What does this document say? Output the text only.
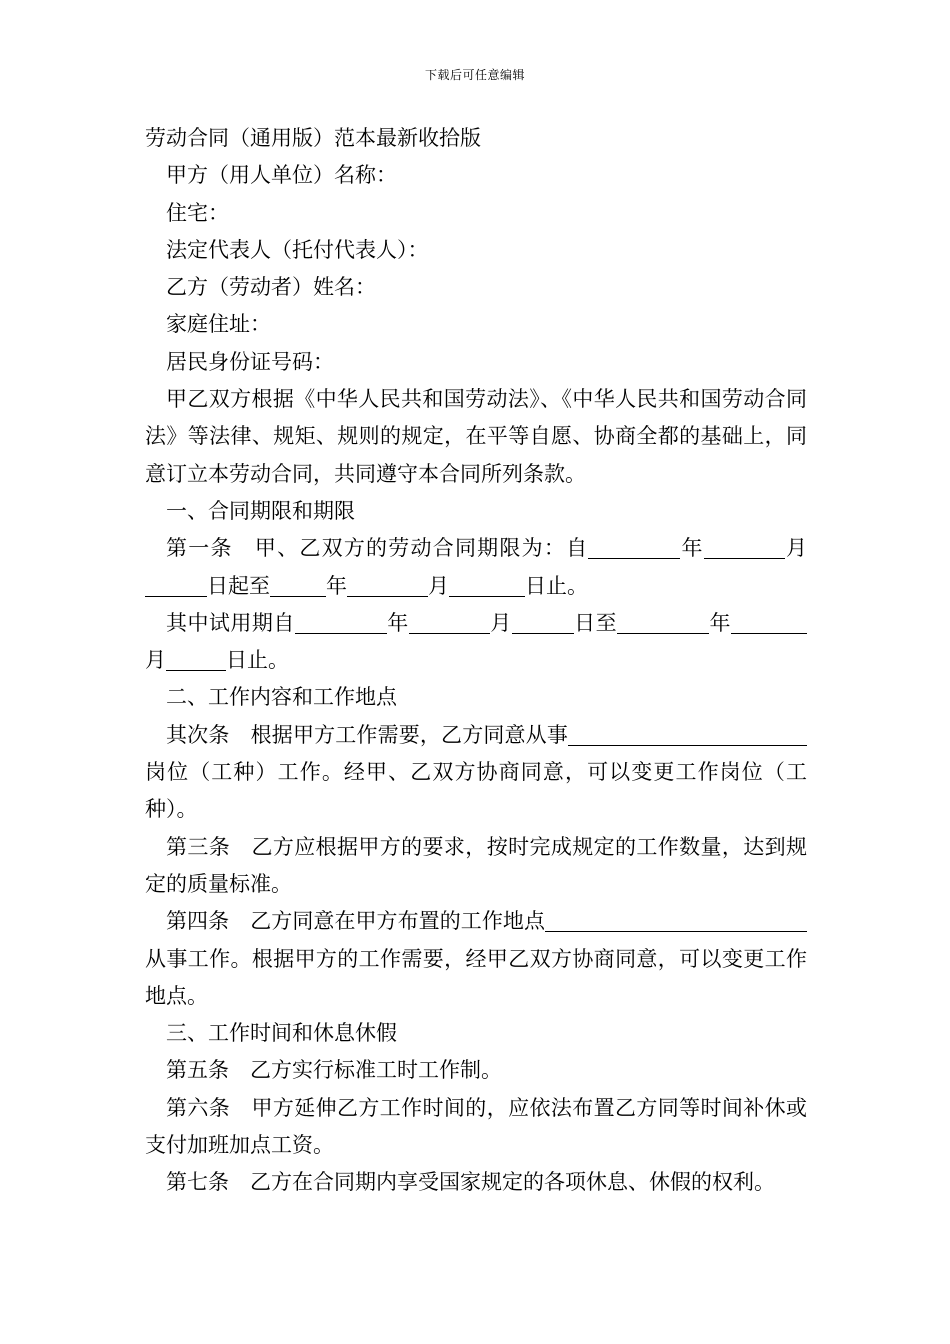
下载后可任意编辑

劳动合同（通用版）范本最新收拾版

甲方（用人单位）名称：

住宅：

法定代表人（托付代表人）：

乙方（劳动者）姓名：

家庭住址：

居民身份证号码：

甲乙双方根据《中华人民共和国劳动法》、《中华人民共和国劳动合同法》等法律、规矩、规则的规定，在平等自愿、协商全都的基础上，同意订立本劳动合同，共同遵守本合同所列条款。

一、合同期限和期限

第一条　甲、乙双方的劳动合同期限为：自	年	月日起至	年	月	日止。

其中试用期自	年	月	日至	年月	日止。

二、工作内容和工作地点

其次条　根据甲方工作需要，乙方同意从事岗位（工种）工作。经甲、乙双方协商同意，可以变更工作岗位（工种）。

第三条　乙方应根据甲方的要求，按时完成规定的工作数量，达到规定的质量标准。

第四条　乙方同意在甲方布置的工作地点从事工作。根据甲方的工作需要，经甲乙双方协商同意，可以变更工作地点。

三、工作时间和休息休假

第五条　乙方实行标准工时工作制。

第六条　甲方延伸乙方工作时间的，应依法布置乙方同等时间补休或支付加班加点工资。

第七条　乙方在合同期内享受国家规定的各项休息、休假的权利。
